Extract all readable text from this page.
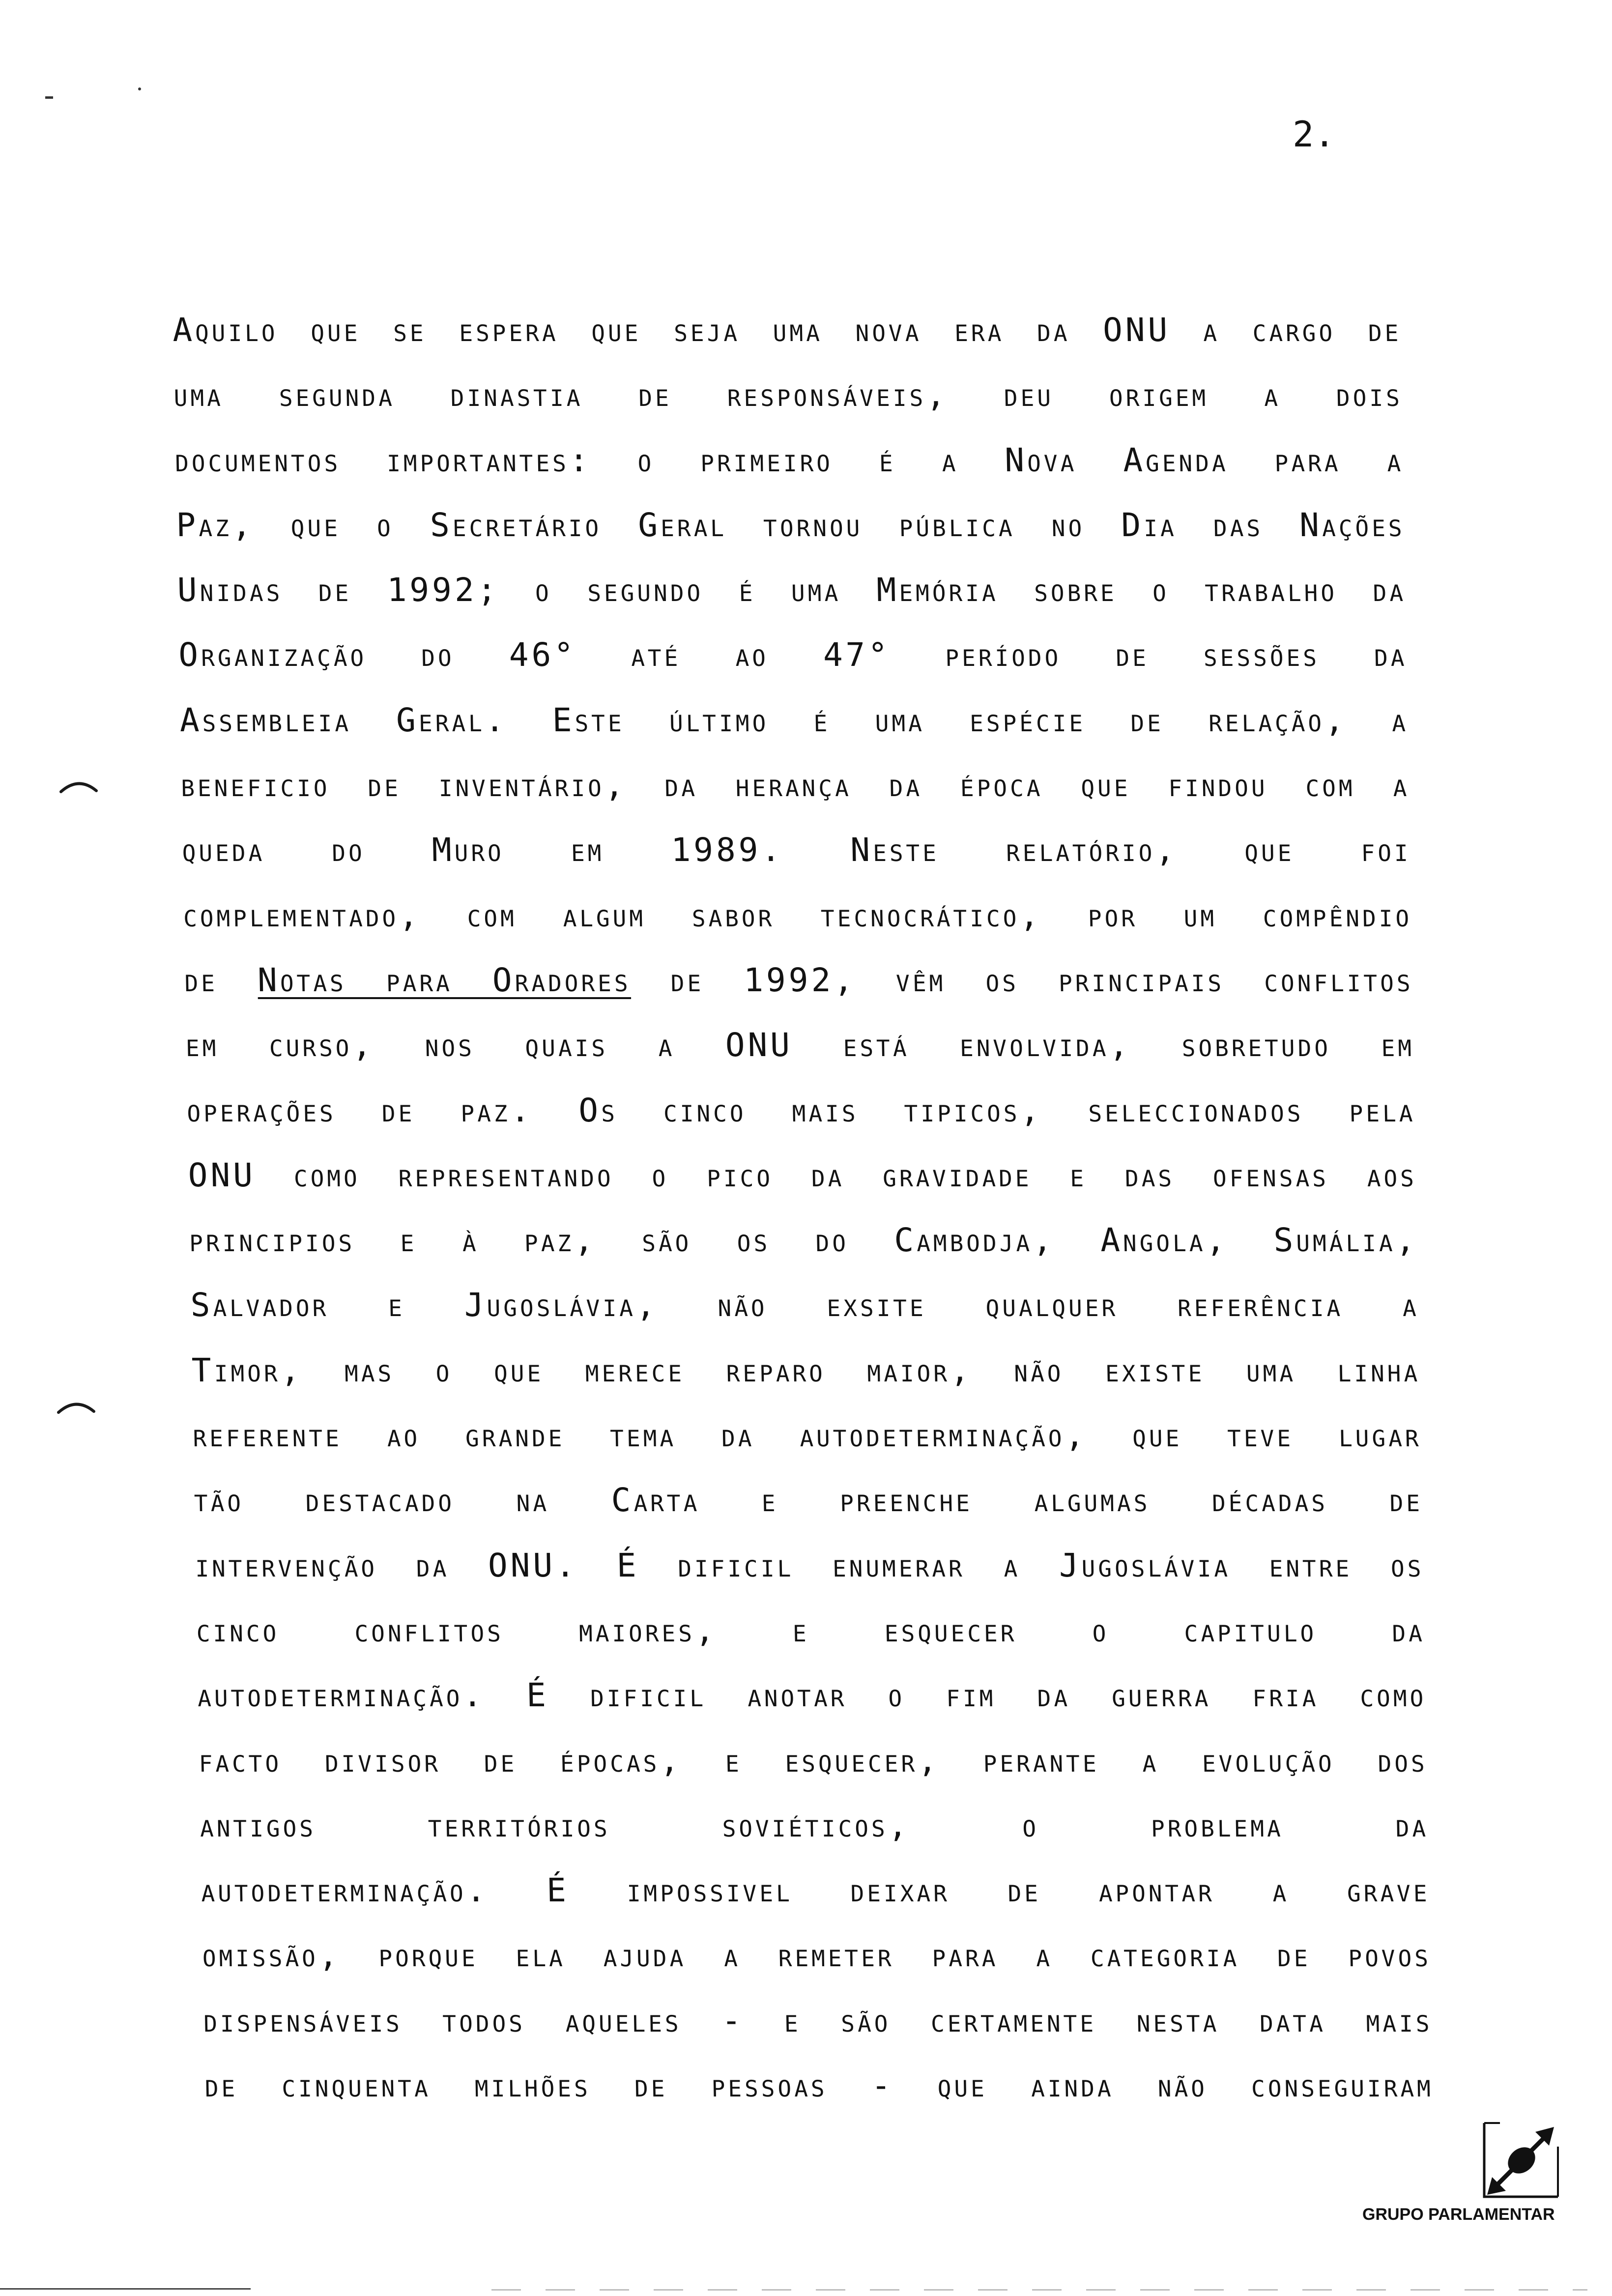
2.
Aquilo que se espera que seja uma nova era da ONU a cargo de
uma segunda dinastia de responsáveis, deu origem a dois
documentos importantes: o primeiro é a Nova Agenda para a
Paz, que o Secretário Geral tornou pública no Dia das Nações
Unidas de 1992; o segundo é uma Memória sobre o trabalho da
Organização do 46° até ao 47° período de sessões da
Assembleia Geral. Este último é uma espécie de relação, a
beneficio de inventário, da herança da época que findou com a
queda do Muro em 1989. Neste relatório, que foi
complementado, com algum sabor tecnocrático, por um compêndio
de Notas para Oradores de 1992, vêm os principais conflitos
em curso, nos quais a ONU está envolvida, sobretudo em
operações de paz. Os cinco mais tipicos, seleccionados pela
ONU como representando o pico da gravidade e das ofensas aos
principios e à paz, são os do Cambodja, Angola, Sumália,
Salvador e Jugoslávia, não exsite qualquer referência a
Timor, mas o que merece reparo maior, não existe uma linha
referente ao grande tema da autodeterminação, que teve lugar
tão destacado na Carta e preenche algumas décadas de
intervenção da ONU. É dificil enumerar a Jugoslávia entre os
cinco conflitos maiores, e esquecer o capitulo da
autodeterminação. É dificil anotar o fim da guerra fria como
facto divisor de épocas, e esquecer, perante a evolução dos
antigos territórios soviéticos, o problema da
autodeterminação. É impossivel deixar de apontar a grave
omissão, porque ela ajuda a remeter para a categoria de povos
dispensáveis todos aqueles - e são certamente nesta data mais
de cinquenta milhões de pessoas - que ainda não conseguiram
GRUPO PARLAMENTAR
